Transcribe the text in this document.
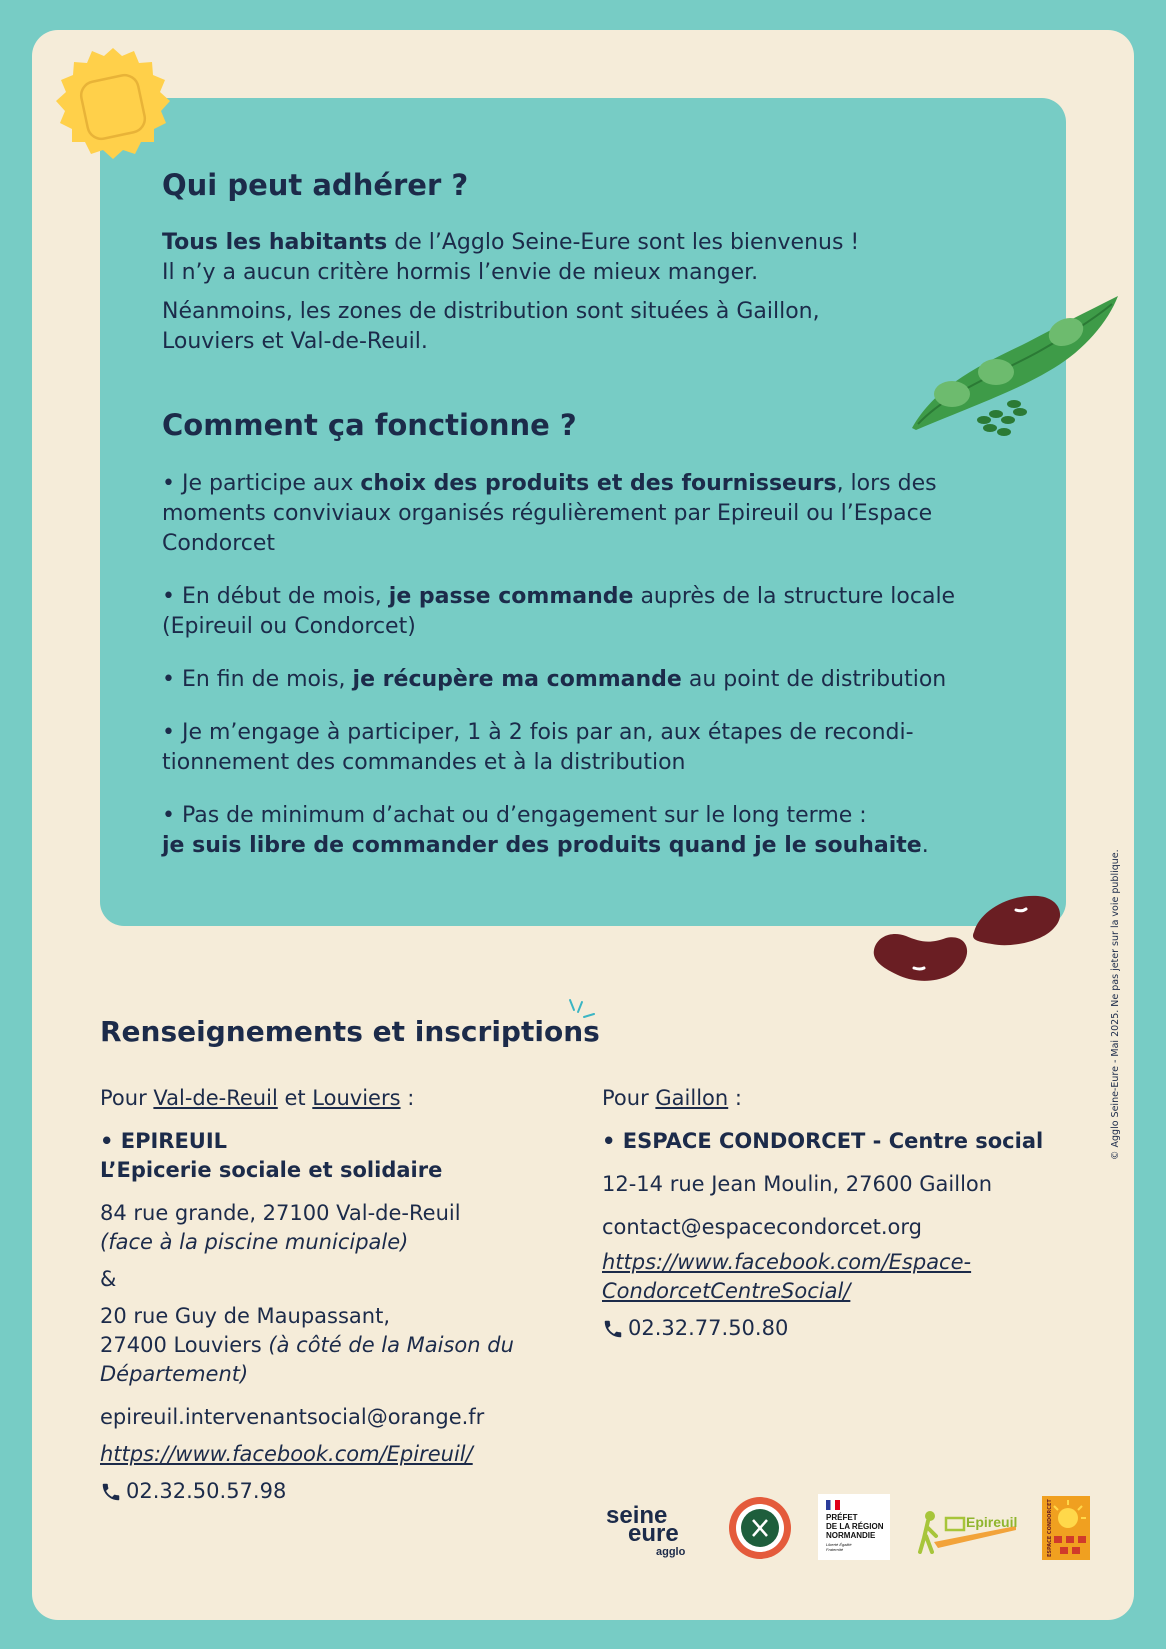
Qui peut adhérer ?

Tous les habitants de l’Agglo Seine-Eure sont les bienvenus !
Il n’y a aucun critère hormis l’envie de mieux manger.

Néanmoins, les zones de distribution sont situées à Gaillon,
Louviers et Val-de-Reuil.

Comment ça fonctionne ?

• Je participe aux choix des produits et des fournisseurs, lors des moments conviviaux organisés régulièrement par Epireuil ou l’Espace Condorcet

• En début de mois, je passe commande auprès de la structure locale (Epireuil ou Condorcet)

• En fin de mois, je récupère ma commande au point de distribution

• Je m’engage à participer, 1 à 2 fois par an, aux étapes de recondi-
tionnement des commandes et à la distribution

• Pas de minimum d’achat ou d’engagement sur le long terme :
je suis libre de commander des produits quand je le souhaite.

Renseignements et inscriptions

Pour Val-de-Reuil et Louviers :

• EPIREUIL

L’Epicerie sociale et solidaire

84 rue grande, 27100 Val-de-Reuil

(face à la piscine municipale)

&

20 rue Guy de Maupassant,

27400 Louviers (à côté de la Maison du Département)

epireuil.intervenantsocial@orange.fr

https://www.facebook.com/Epireuil/

02.32.50.57.98

Pour Gaillon :

• ESPACE CONDORCET - Centre social

12-14 rue Jean Moulin, 27600 Gaillon

contact@espacecondorcet.org

https://www.facebook.com/Espace-

CondorcetCentreSocial/

02.32.77.50.80

seine
eure
agglo
PRÉFET
DE LA RÉGION
NORMANDIE
Liberté Égalité Fraternité
Epireuil	ESPACE CONDORCET
© Agglo Seine-Eure - Mai 2025. Ne pas jeter sur la voie publique.
